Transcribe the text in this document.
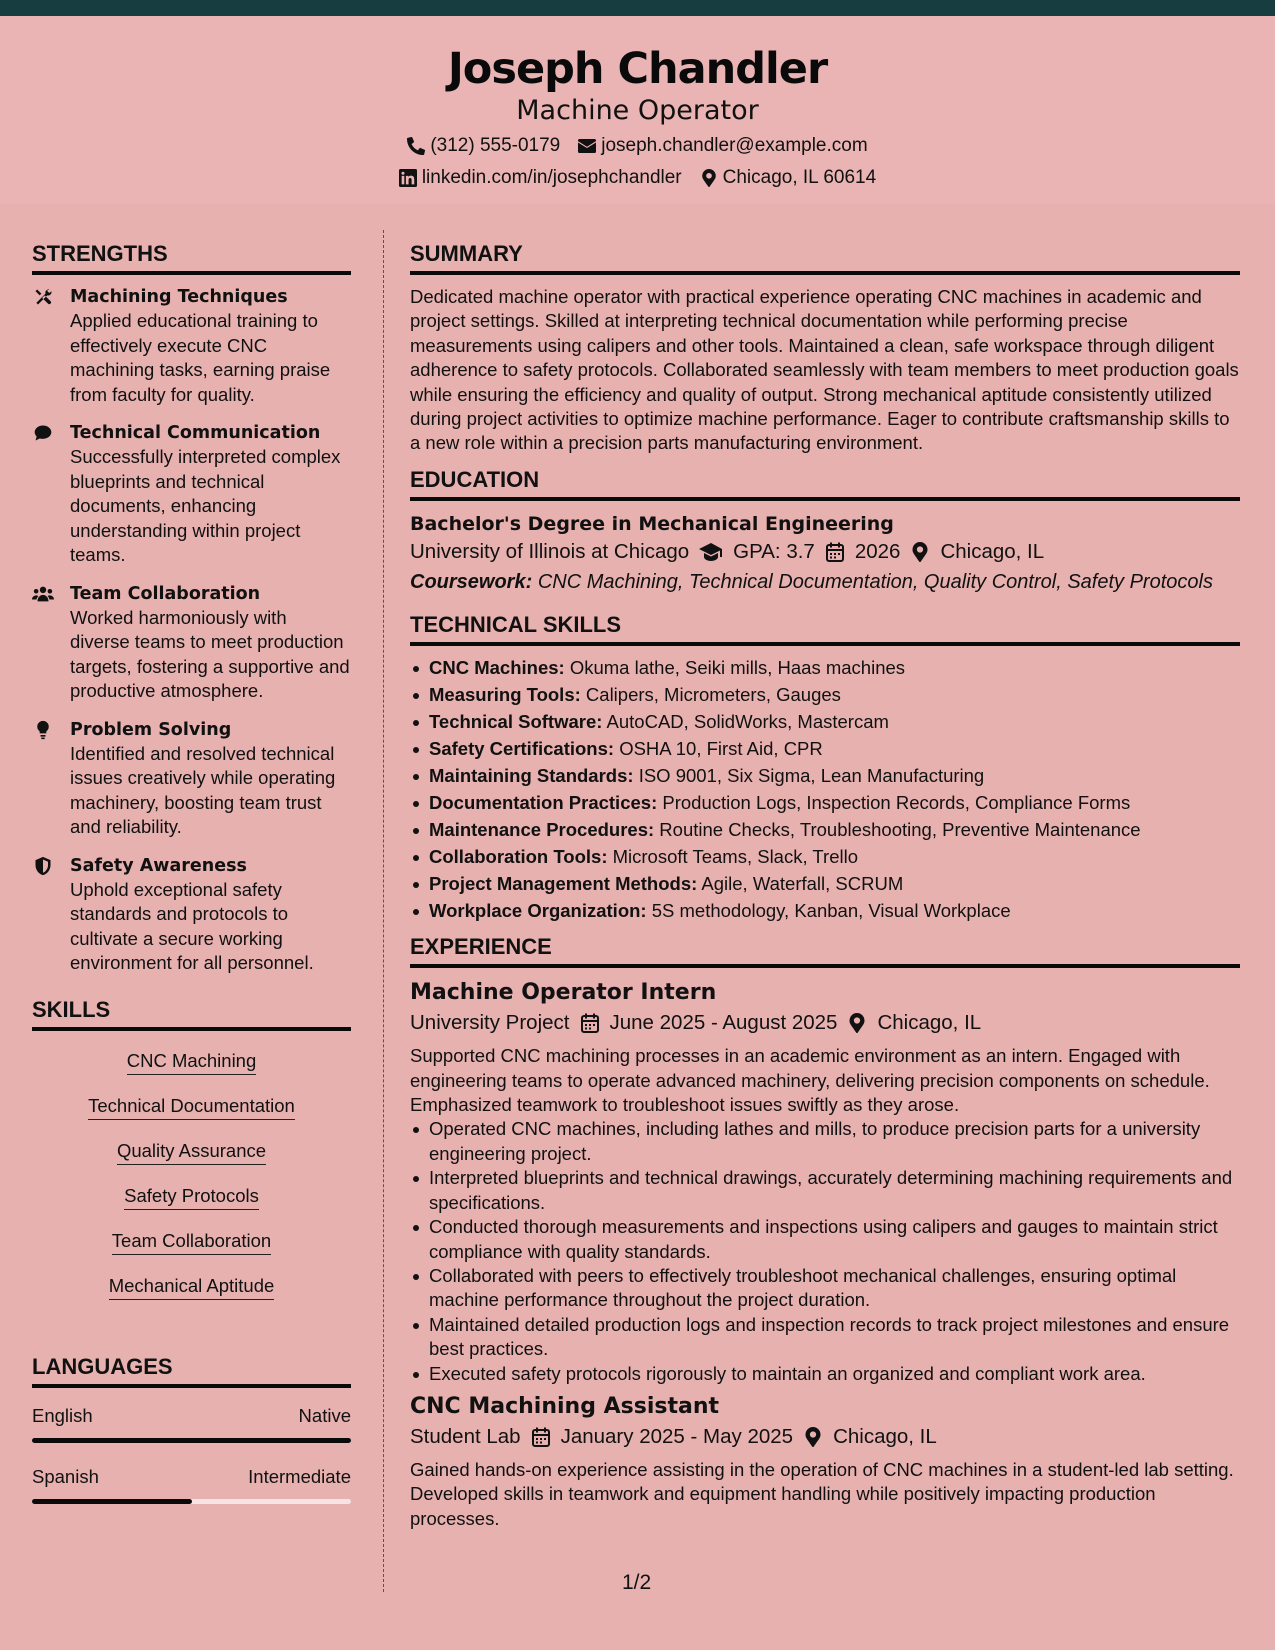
Joseph Chandler
Machine Operator
(312) 555-0179 joseph.chandler@example.com
linkedin.com/in/josephchandler Chicago, IL 60614
STRENGTHS
Machining Techniques
Applied educational training to effectively execute CNC machining tasks, earning praise from faculty for quality.
Technical Communication
Successfully interpreted complex blueprints and technical documents, enhancing understanding within project teams.
Team Collaboration
Worked harmoniously with diverse teams to meet production targets, fostering a supportive and productive atmosphere.
Problem Solving
Identified and resolved technical issues creatively while operating machinery, boosting team trust and reliability.
Safety Awareness
Uphold exceptional safety standards and protocols to cultivate a secure working environment for all personnel.
SKILLS
CNC Machining
Technical Documentation
Quality Assurance
Safety Protocols
Team Collaboration
Mechanical Aptitude
LANGUAGES
English	Native
Spanish	Intermediate
SUMMARY
Dedicated machine operator with practical experience operating CNC machines in academic and project settings. Skilled at interpreting technical documentation while performing precise measurements using calipers and other tools. Maintained a clean, safe workspace through diligent adherence to safety protocols. Collaborated seamlessly with team members to meet production goals while ensuring the efficiency and quality of output. Strong mechanical aptitude consistently utilized during project activities to optimize machine performance. Eager to contribute craftsmanship skills to a new role within a precision parts manufacturing environment.
EDUCATION
Bachelor's Degree in Mechanical Engineering
University of Illinois at Chicago GPA: 3.7 2026 Chicago, IL
Coursework: CNC Machining, Technical Documentation, Quality Control, Safety Protocols
TECHNICAL SKILLS
CNC Machines: Okuma lathe, Seiki mills, Haas machines
Measuring Tools: Calipers, Micrometers, Gauges
Technical Software: AutoCAD, SolidWorks, Mastercam
Safety Certifications: OSHA 10, First Aid, CPR
Maintaining Standards: ISO 9001, Six Sigma, Lean Manufacturing
Documentation Practices: Production Logs, Inspection Records, Compliance Forms
Maintenance Procedures: Routine Checks, Troubleshooting, Preventive Maintenance
Collaboration Tools: Microsoft Teams, Slack, Trello
Project Management Methods: Agile, Waterfall, SCRUM
Workplace Organization: 5S methodology, Kanban, Visual Workplace
EXPERIENCE
Machine Operator Intern
University Project June 2025 - August 2025 Chicago, IL
Supported CNC machining processes in an academic environment as an intern. Engaged with engineering teams to operate advanced machinery, delivering precision components on schedule. Emphasized teamwork to troubleshoot issues swiftly as they arose.
Operated CNC machines, including lathes and mills, to produce precision parts for a university engineering project.
Interpreted blueprints and technical drawings, accurately determining machining requirements and specifications.
Conducted thorough measurements and inspections using calipers and gauges to maintain strict compliance with quality standards.
Collaborated with peers to effectively troubleshoot mechanical challenges, ensuring optimal machine performance throughout the project duration.
Maintained detailed production logs and inspection records to track project milestones and ensure best practices.
Executed safety protocols rigorously to maintain an organized and compliant work area.
CNC Machining Assistant
Student Lab January 2025 - May 2025 Chicago, IL
Gained hands-on experience assisting in the operation of CNC machines in a student-led lab setting. Developed skills in teamwork and equipment handling while positively impacting production processes.
1/2
